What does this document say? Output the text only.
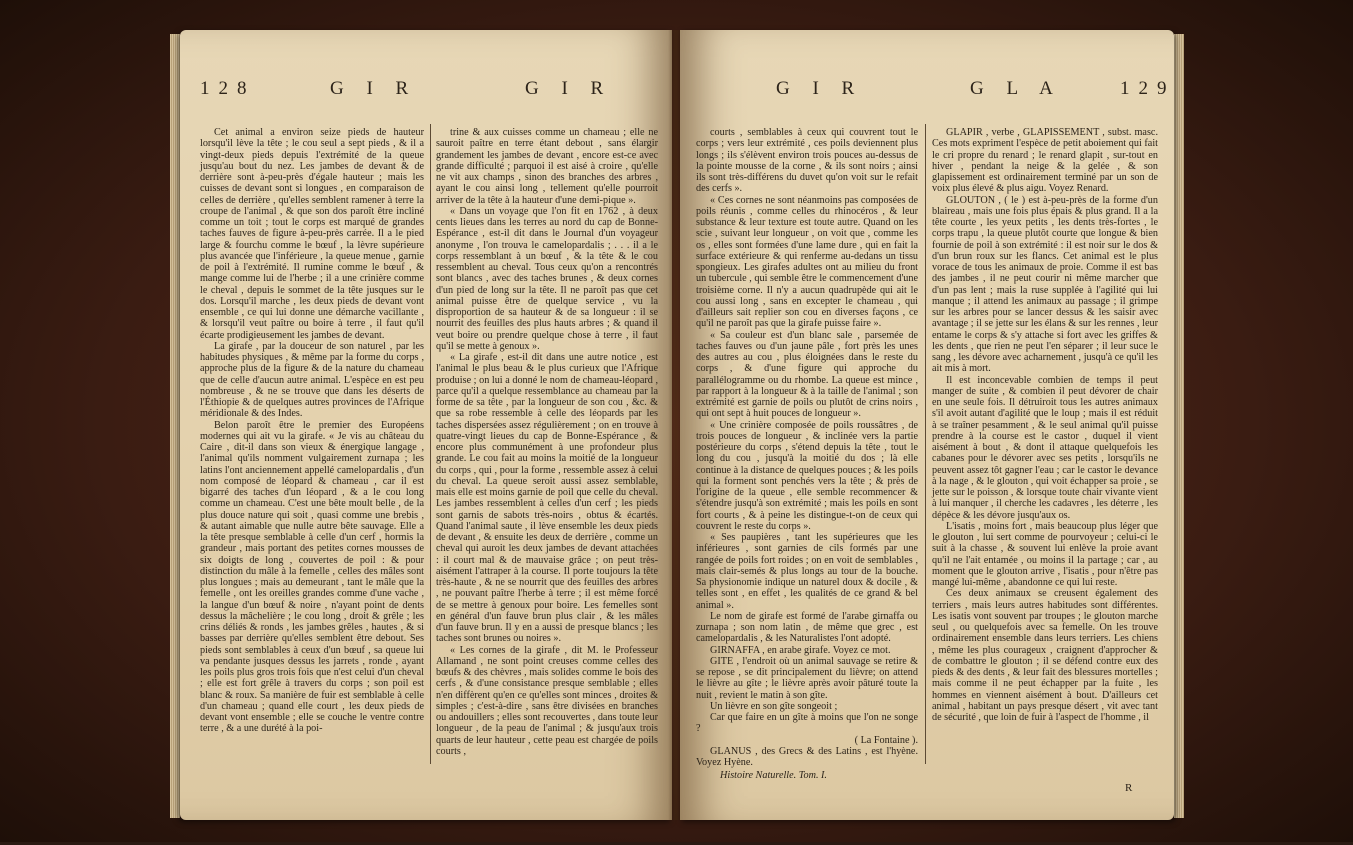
128	G I R	G I R

Cet animal a environ seize pieds de hauteur lorsqu'il lève la tête ; le cou seul a sept pieds , & il a vingt-deux pieds depuis l'extrémité de la queue jusqu'au bout du nez. Les jambes de devant & de derrière sont à-peu-près d'égale hauteur ; mais les cuisses de devant sont si longues , en comparaison de celles de derrière , qu'elles semblent ramener à terre la croupe de l'animal , & que son dos paroît être incliné comme un toit ; tout le corps est marqué de grandes taches fauves de figure à-peu-près carrée. Il a le pied large & fourchu comme le bœuf , la lèvre supérieure plus avancée que l'inférieure , la queue menue , garnie de poil à l'extrémité. Il rumine comme le bœuf , & mange comme lui de l'herbe ; il a une crinière comme le cheval , depuis le sommet de la tête jusques sur le dos. Lorsqu'il marche , les deux pieds de devant vont ensemble , ce qui lui donne une démarche vacillante , & lorsqu'il veut paître ou boire à terre , il faut qu'il écarte prodigieusement les jambes de devant.

La girafe , par la douceur de son naturel , par les habitudes physiques , & même par la forme du corps , approche plus de la figure & de la nature du chameau que de celle d'aucun autre animal. L'espèce en est peu nombreuse , & ne se trouve que dans les déserts de l'Éthiopie & de quelques autres provinces de l'Afrique méridionale & des Indes.

Belon paroît être le premier des Européens modernes qui ait vu la girafe. « Je vis au château du Caire , dit-il dans son vieux & énergique langage , l'animal qu'ils nomment vulgairement zurnapa ; les latins l'ont anciennement appellé camelopardalis , d'un nom composé de léopard & chameau , car il est bigarré des taches d'un léopard , & a le cou long comme un chameau. C'est une bête moult belle , de la plus douce nature qui soit , quasi comme une brebis , & autant aimable que nulle autre bête sauvage. Elle a la tête presque semblable à celle d'un cerf , hormis la grandeur , mais portant des petites cornes mousses de six doigts de long , couvertes de poil : & pour distinction du mâle à la femelle , celles des mâles sont plus longues ; mais au demeurant , tant le mâle que la femelle , ont les oreilles grandes comme d'une vache , la langue d'un bœuf & noire , n'ayant point de dents dessus la mâchelière ; le cou long , droit & grêle ; les crins déliés & ronds , les jambes grêles , hautes , & si basses par derrière qu'elles semblent être debout. Ses pieds sont semblables à ceux d'un bœuf , sa queue lui va pendante jusques dessus les jarrets , ronde , ayant les poils plus gros trois fois que n'est celui d'un cheval ; elle est fort grêle à travers du corps ; son poil est blanc & roux. Sa manière de fuir est semblable à celle d'un chameau ; quand elle court , les deux pieds de devant vont ensemble ; elle se couche le ventre contre terre , & a une durété à la poi-

trine & aux cuisses comme un chameau ; elle ne sauroit paître en terre étant debout , sans élargir grandement les jambes de devant , encore est-ce avec grande difficulté ; parquoi il est aisé à croire , qu'elle ne vit aux champs , sinon des branches des arbres , ayant le cou ainsi long , tellement qu'elle pourroit arriver de la tête à la hauteur d'une demi-pique ».

« Dans un voyage que l'on fit en 1762 , à deux cents lieues dans les terres au nord du cap de Bonne-Espérance , est-il dit dans le Journal d'un voyageur anonyme , l'on trouva le camelopardalis ; . . . il a le corps ressemblant à un bœuf , & la tête & le cou ressemblent au cheval. Tous ceux qu'on a rencontrés sont blancs , avec des taches brunes , & deux cornes d'un pied de long sur la tête. Il ne paroît pas que cet animal puisse être de quelque service , vu la disproportion de sa hauteur & de sa longueur : il se nourrit des feuilles des plus hauts arbres ; & quand il veut boire ou prendre quelque chose à terre , il faut qu'il se mette à genoux ».

« La girafe , est-il dit dans une autre notice , est l'animal le plus beau & le plus curieux que l'Afrique produise ; on lui a donné le nom de chameau-léopard , parce qu'il a quelque ressemblance au chameau par la forme de sa tête , par la longueur de son cou , &c. & que sa robe ressemble à celle des léopards par les taches dispersées assez régulièrement ; on en trouve à quatre-vingt lieues du cap de Bonne-Espérance , & encore plus communément à une profondeur plus grande. Le cou fait au moins la moitié de la longueur du corps , qui , pour la forme , ressemble assez à celui du cheval. La queue seroit aussi assez semblable, mais elle est moins garnie de poil que celle du cheval. Les jambes ressemblent à celles d'un cerf ; les pieds sont garnis de sabots très-noirs , obtus & écartés. Quand l'animal saute , il lève ensemble les deux pieds de devant , & ensuite les deux de derrière , comme un cheval qui auroit les deux jambes de devant attachées : il court mal & de mauvaise grâce ; on peut très-aisément l'attraper à la course. Il porte toujours la tête très-haute , & ne se nourrit que des feuilles des arbres , ne pouvant paître l'herbe à terre ; il est même forcé de se mettre à genoux pour boire. Les femelles sont en général d'un fauve brun plus clair , & les mâles d'un fauve brun. Il y en a aussi de presque blancs ; les taches sont brunes ou noires ».

« Les cornes de la girafe , dit M. le Professeur Allamand , ne sont point creuses comme celles des bœufs & des chèvres , mais solides comme le bois des cerfs , & d'une consistance presque semblable ; elles n'en diffèrent qu'en ce qu'elles sont minces , droites & simples ; c'est-à-dire , sans être divisées en branches ou andouillers ; elles sont recouvertes , dans toute leur longueur , de la peau de l'animal ; & jusqu'aux trois quarts de leur hauteur , cette peau est chargée de poils courts ,

G I R	G L A	129

courts , semblables à ceux qui couvrent tout le corps ; vers leur extrémité , ces poils deviennent plus longs ; ils s'élèvent environ trois pouces au-dessus de la pointe mousse de la corne , & ils sont noirs ; ainsi ils sont très-différens du duvet qu'on voit sur le refait des cerfs ».

« Ces cornes ne sont néanmoins pas composées de poils réunis , comme celles du rhinocéros , & leur substance & leur texture est toute autre. Quand on les scie , suivant leur longueur , on voit que , comme les os , elles sont formées d'une lame dure , qui en fait la surface extérieure & qui renferme au-dedans un tissu spongieux. Les girafes adultes ont au milieu du front un tubercule , qui semble être le commencement d'une troisième corne. Il n'y a aucun quadrupède qui ait le cou aussi long , sans en excepter le chameau , qui d'ailleurs sait replier son cou en diverses façons , ce qu'il ne paroît pas que la girafe puisse faire ».

« Sa couleur est d'un blanc sale , parsemée de taches fauves ou d'un jaune pâle , fort près les unes des autres au cou , plus éloignées dans le reste du corps , & d'une figure qui approche du parallélogramme ou du rhombe. La queue est mince , par rapport à la longueur & à la taille de l'animal ; son extrémité est garnie de poils ou plutôt de crins noirs , qui ont sept à huit pouces de longueur ».

« Une crinière composée de poils roussâtres , de trois pouces de longueur , & inclinée vers la partie postérieure du corps , s'étend depuis la tête , tout le long du cou , jusqu'à la moitié du dos ; là elle continue à la distance de quelques pouces ; & les poils qui la forment sont penchés vers la tête ; & près de l'origine de la queue , elle semble recommencer & s'étendre jusqu'à son extrémité ; mais les poils en sont fort courts , & à peine les distingue-t-on de ceux qui couvrent le reste du corps ».

« Ses paupières , tant les supérieures que les inférieures , sont garnies de cils formés par une rangée de poils fort roides ; on en voit de semblables , mais clair-semés & plus longs au tour de la bouche. Sa physionomie indique un naturel doux & docile , & telles sont , en effet , les qualités de ce grand & bel animal ».

Le nom de girafe est formé de l'arabe girnaffa ou zurnapa ; son nom latin , de même que grec , est camelopardalis , & les Naturalistes l'ont adopté.

GIRNAFFA , en arabe girafe. Voyez ce mot.

GITE , l'endroit où un animal sauvage se retire & se repose , se dit principalement du lièvre; on attend le lièvre au gîte ; le lièvre après avoir pâturé toute la nuit , revient le matin à son gîte.

Un lièvre en son gîte songeoit ;

Car que faire en un gîte à moins que l'on ne songe ?

( La Fontaine ).

GLANUS , des Grecs & des Latins , est l'hyène. Voyez Hyène.

Histoire Naturelle. Tom. I.

GLAPIR , verbe , GLAPISSEMENT , subst. masc. Ces mots expriment l'espèce de petit aboiement qui fait le cri propre du renard ; le renard glapit , sur-tout en hiver , pendant la neige & la gelée , & son glapissement est ordinairement terminé par un son de voix plus élevé & plus aigu. Voyez Renard.

GLOUTON , ( le ) est à-peu-près de la forme d'un blaireau , mais une fois plus épais & plus grand. Il a la tête courte , les yeux petits , les dents très-fortes , le corps trapu , la queue plutôt courte que longue & bien fournie de poil à son extrémité : il est noir sur le dos & d'un brun roux sur les flancs. Cet animal est le plus vorace de tous les animaux de proie. Comme il est bas des jambes , il ne peut courir ni même marcher que d'un pas lent ; mais la ruse supplée à l'agilité qui lui manque ; il attend les animaux au passage ; il grimpe sur les arbres pour se lancer dessus & les saisir avec avantage ; il se jette sur les élans & sur les rennes , leur entame le corps & s'y attache si fort avec les griffes & les dents , que rien ne peut l'en séparer ; il leur suce le sang , les dévore avec acharnement , jusqu'à ce qu'il les ait mis à mort.

Il est inconcevable combien de temps il peut manger de suite , & combien il peut dévorer de chair en une seule fois. Il détruiroit tous les autres animaux s'il avoit autant d'agilité que le loup ; mais il est réduit à se traîner pesamment , & le seul animal qu'il puisse prendre à la course est le castor , duquel il vient aisément à bout , & dont il attaque quelquefois les cabanes pour le dévorer avec ses petits , lorsqu'ils ne peuvent assez tôt gagner l'eau ; car le castor le devance à la nage , & le glouton , qui voit échapper sa proie , se jette sur le poisson , & lorsque toute chair vivante vient à lui manquer , il cherche les cadavres , les déterre , les dépèce & les dévore jusqu'aux os.

L'isatis , moins fort , mais beaucoup plus léger que le glouton , lui sert comme de pourvoyeur ; celui-ci le suit à la chasse , & souvent lui enlève la proie avant qu'il ne l'ait entamée , ou moins il la partage ; car , au moment que le glouton arrive , l'isatis , pour n'être pas mangé lui-même , abandonne ce qui lui reste.

Ces deux animaux se creusent également des terriers , mais leurs autres habitudes sont différentes. Les isatis vont souvent par troupes ; le glouton marche seul , ou quelquefois avec sa femelle. On les trouve ordinairement ensemble dans leurs terriers. Les chiens , même les plus courageux , craignent d'approcher & de combattre le glouton ; il se défend contre eux des pieds & des dents , & leur fait des blessures mortelles ; mais comme il ne peut échapper par la fuite , les hommes en viennent aisément à bout. D'ailleurs cet animal , habitant un pays presque désert , vit avec tant de sécurité , que loin de fuir à l'aspect de l'homme , il

R
